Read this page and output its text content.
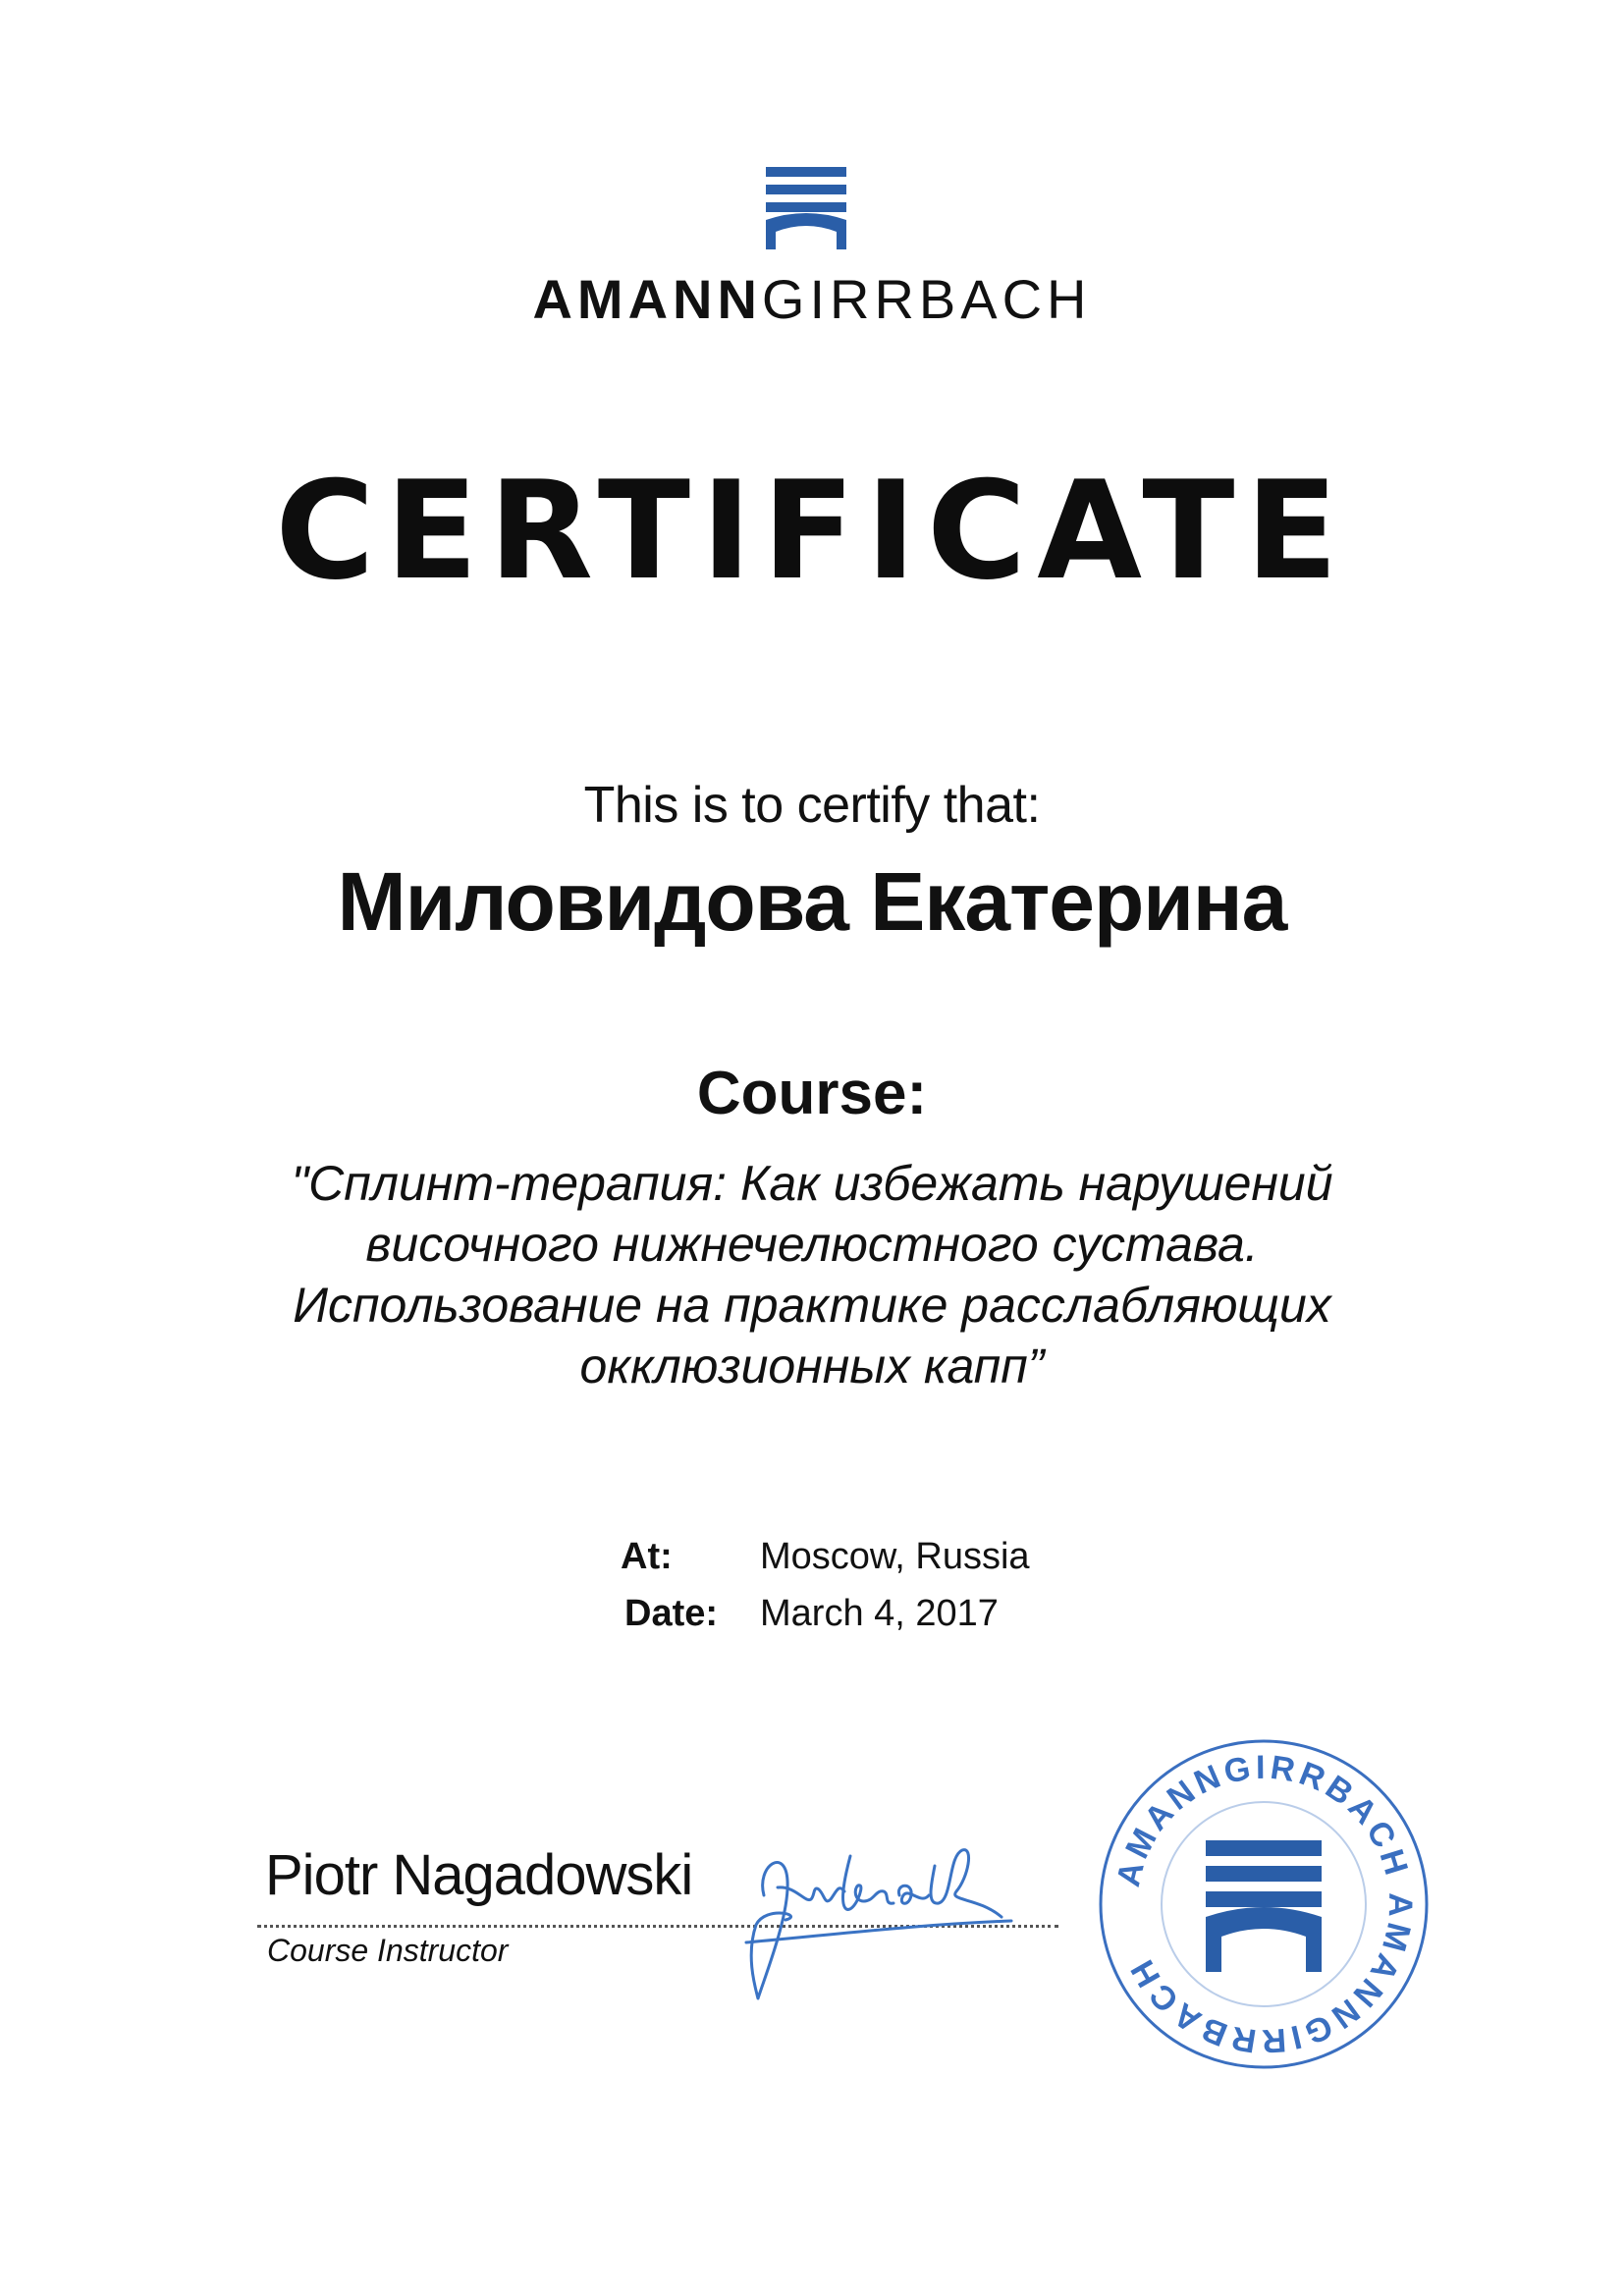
AMANNGIRRBACH
CERTIFICATE
This is to certify that:
Миловидова Екатерина
Course:
"Сплинт-терапия: Как избежать нарушений
височного нижнечелюстного сустава.
Использование на практике расслабляющих
окклюзионных капп”
At: Moscow, Russia
Date: March 4, 2017
Piotr Nagadowski
Course Instructor
AMANNGIRRBACH AMANNGIRRBACH
